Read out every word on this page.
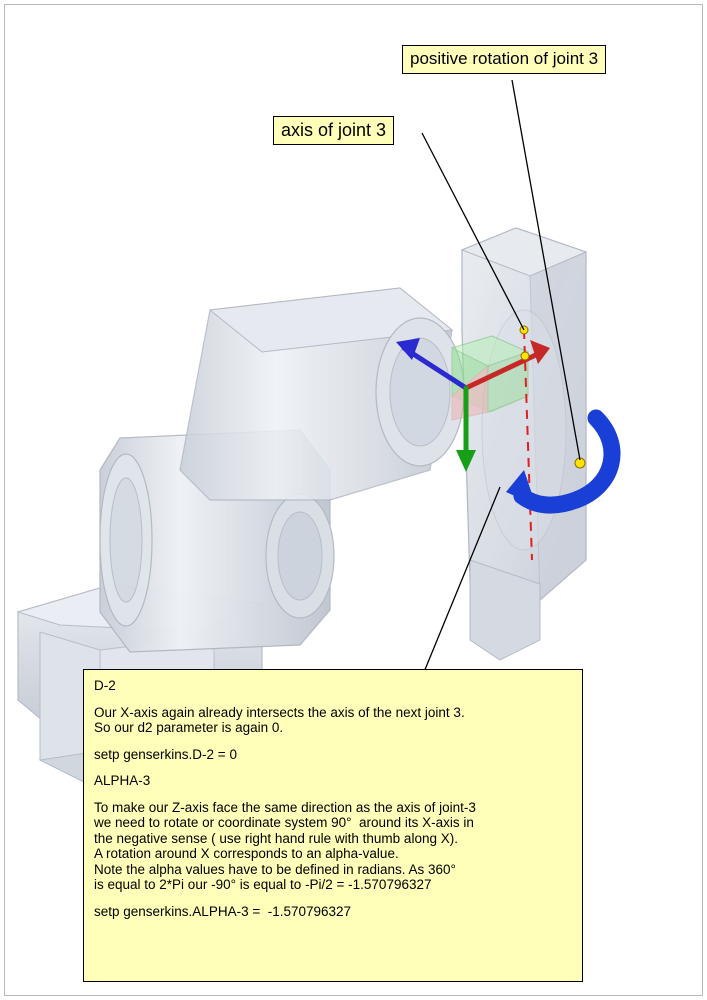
positive rotation of joint 3
axis of joint 3
D-2
Our X-axis again already intersects the axis of the next joint 3.
So our d2 parameter is again 0.
setp genserkins.D-2 = 0
ALPHA-3
To make our Z-axis face the same direction as the axis of joint-3
we need to rotate or coordinate system 90°  around its X-axis in
the negative sense ( use right hand rule with thumb along X).
A rotation around X corresponds to an alpha-value.
Note the alpha values have to be defined in radians. As 360°
is equal to 2*Pi our -90° is equal to -Pi/2 = -1.570796327
setp genserkins.ALPHA-3 =  -1.570796327
